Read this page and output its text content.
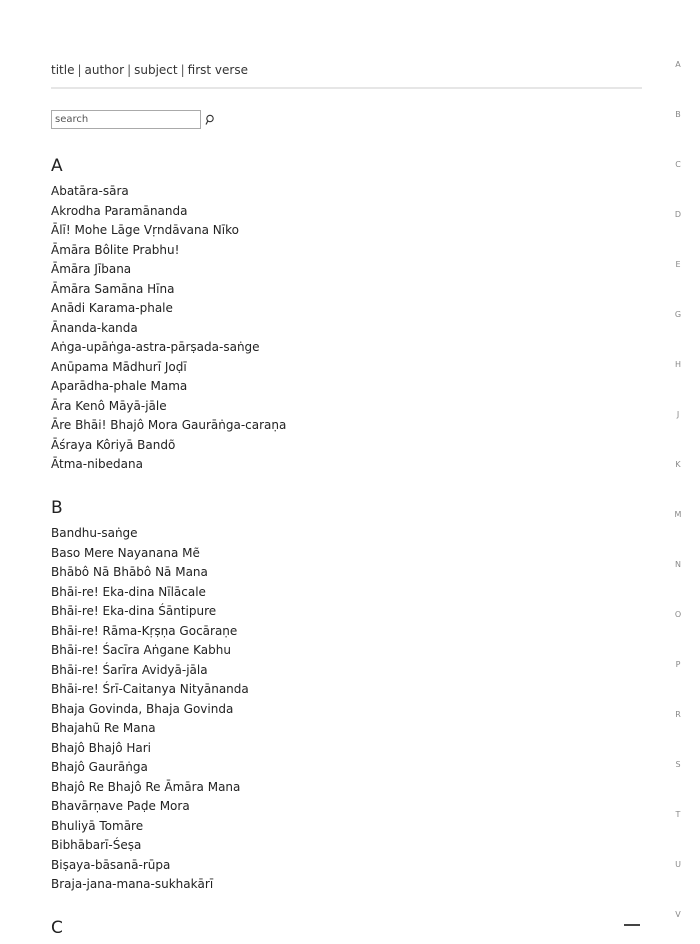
title | author | subject | first verse
search
A
Abatāra-sāra
Akrodha Paramānanda
Ālī! Mohe Lāge Vṛndāvana Nīko
Āmāra Bôlite Prabhu!
Āmāra Jībana
Āmāra Samāna Hīna
Anādi Karama-phale
Ānanda-kanda
Aṅga-upāṅga-astra-pārṣada-saṅge
Anūpama Mādhurī Joḍī
Aparādha-phale Mama
Āra Kenô Māyā-jāle
Āre Bhāi! Bhajô Mora Gaurāṅga-caraṇa
Āśraya Kôriyā Bandõ
Ātma-nibedana
B
Bandhu-saṅge
Baso Mere Nayanana Mẽ
Bhābô Nā Bhābô Nā Mana
Bhāi-re! Eka-dina Nīlācale
Bhāi-re! Eka-dina Śāntipure
Bhāi-re! Rāma-Kṛṣṇa Gocāraṇe
Bhāi-re! Śacīra Aṅgane Kabhu
Bhāi-re! Śarīra Avidyā-jāla
Bhāi-re! Śrī-Caitanya Nityānanda
Bhaja Govinda, Bhaja Govinda
Bhajahũ Re Mana
Bhajô Bhajô Hari
Bhajô Gaurāṅga
Bhajô Re Bhajô Re Āmāra Mana
Bhavārṇave Paḍe Mora
Bhuliyā Tomāre
Bibhābarī-Śeṣa
Biṣaya-bāsanā-rūpa
Braja-jana-mana-sukhakārī
C
A
B
C
D
E
G
H
J
K
M
N
O
P
R
S
T
U
V
